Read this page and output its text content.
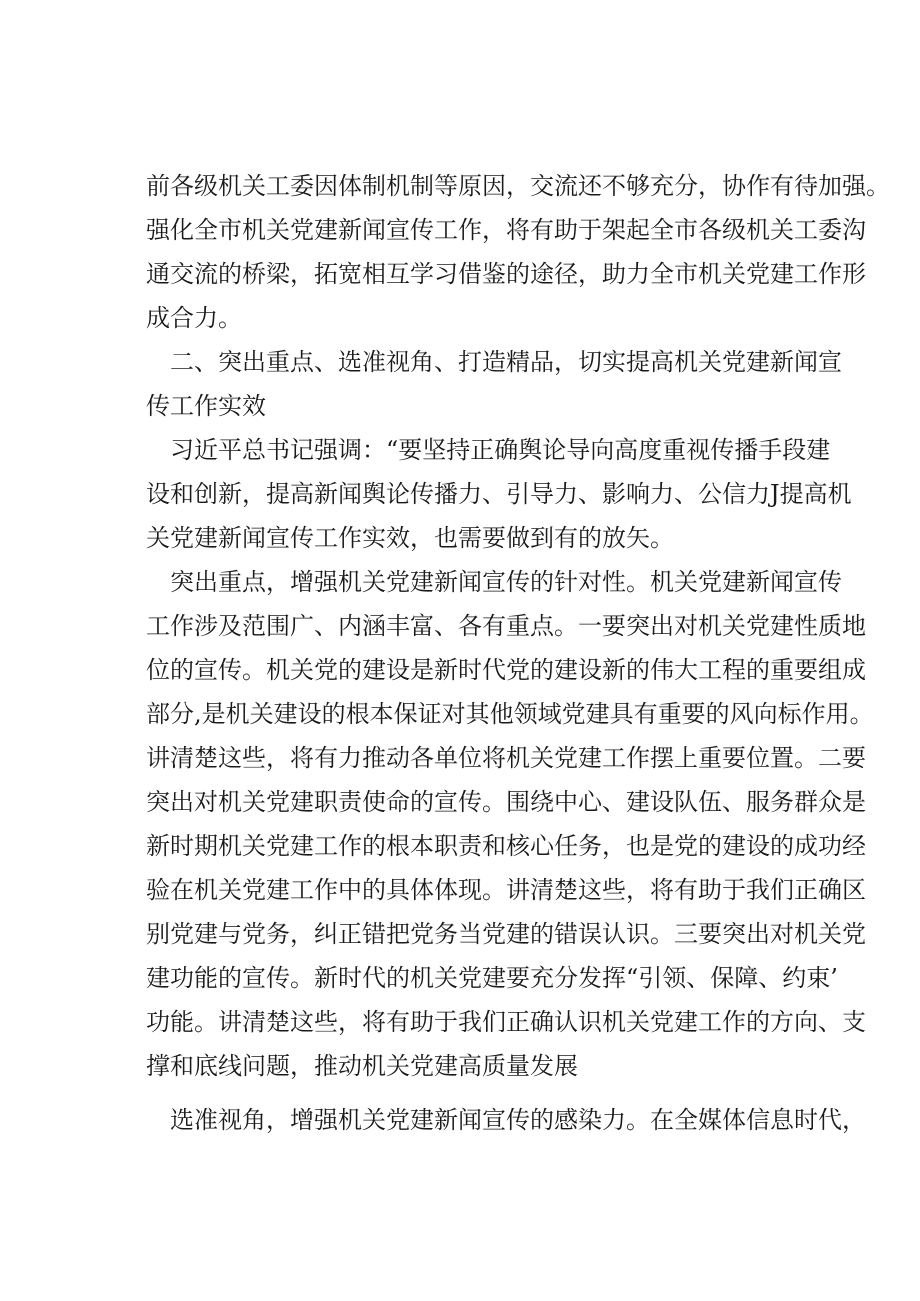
前各级机关工委因体制机制等原因，交流还不够充分，协作有待加强。
强化全市机关党建新闻宣传工作，将有助于架起全市各级机关工委沟
通交流的桥梁，拓宽相互学习借鉴的途径，助力全市机关党建工作形
成合力。
二、突出重点、选准视角、打造精品，切实提高机关党建新闻宣
传工作实效
习近平总书记强调：“要坚持正确舆论导向高度重视传播手段建
设和创新，提高新闻舆论传播力、引导力、影响力、公信力J提高机
关党建新闻宣传工作实效，也需要做到有的放矢。
突出重点，增强机关党建新闻宣传的针对性。机关党建新闻宣传
工作涉及范围广、内涵丰富、各有重点。一要突出对机关党建性质地
位的宣传。机关党的建设是新时代党的建设新的伟大工程的重要组成
部分,是机关建设的根本保证对其他领域党建具有重要的风向标作用。
讲清楚这些，将有力推动各单位将机关党建工作摆上重要位置。二要
突出对机关党建职责使命的宣传。围绕中心、建设队伍、服务群众是
新时期机关党建工作的根本职责和核心任务，也是党的建设的成功经
验在机关党建工作中的具体体现。讲清楚这些，将有助于我们正确区
别党建与党务，纠正错把党务当党建的错误认识。三要突出对机关党
建功能的宣传。新时代的机关党建要充分发挥“引领、保障、约束’
功能。讲清楚这些，将有助于我们正确认识机关党建工作的方向、支
撑和底线问题，推动机关党建高质量发展
选准视角，增强机关党建新闻宣传的感染力。在全媒体信息时代，
